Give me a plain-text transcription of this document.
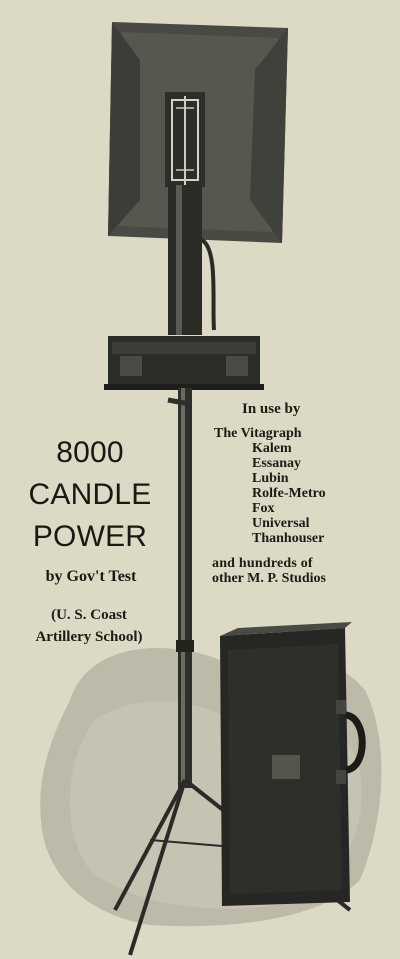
8000
CANDLE
POWER
by Gov't Test
(U. S. Coast
Artillery School)
In use by
The Vitagraph
Kalem
Essanay
Lubin
Rolfe-Metro
Fox
Universal
Thanhouser
and hundreds of
other M. P. Studios
